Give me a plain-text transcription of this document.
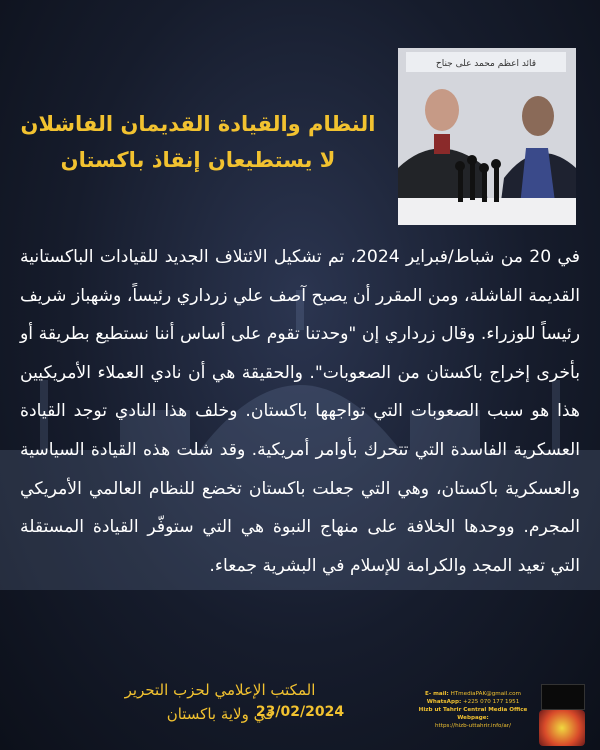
قائد اعظم محمد علی جناح
النظام والقيادة القديمان الفاشلان
لا يستطيعان إنقاذ باكستان
في 20 من شباط/فبراير 2024، تم تشكيل الائتلاف الجديد للقيادات الباكستانية القديمة الفاشلة، ومن المقرر أن يصبح آصف علي زرداري رئيساً، وشهباز شريف رئيساً للوزراء. وقال زرداري إن "وحدتنا تقوم على أساس أننا نستطيع بطريقة أو بأخرى إخراج باكستان من الصعوبات". والحقيقة هي أن نادي العملاء الأمريكيين هذا هو سبب الصعوبات التي تواجهها باكستان. وخلف هذا النادي توجد القيادة العسكرية الفاسدة التي تتحرك بأوامر أمريكية. وقد شلت هذه القيادة السياسية والعسكرية باكستان، وهي التي جعلت باكستان تخضع للنظام العالمي الأمريكي المجرم. ووحدها الخلافة على منهاج النبوة هي التي ستوفّر القيادة المستقلة التي تعيد المجد والكرامة للإسلام في البشرية جمعاء.
المكتب الإعلامي لحزب التحرير
في ولاية باكستان
23/02/2024
E- mail: HTmediaPAK@gmail.com
WhatsApp: +225 070 177 1951
Hizb ut Tahrir Central Media Office Webpage:
https://hizb-uttahrir.info/ar/
